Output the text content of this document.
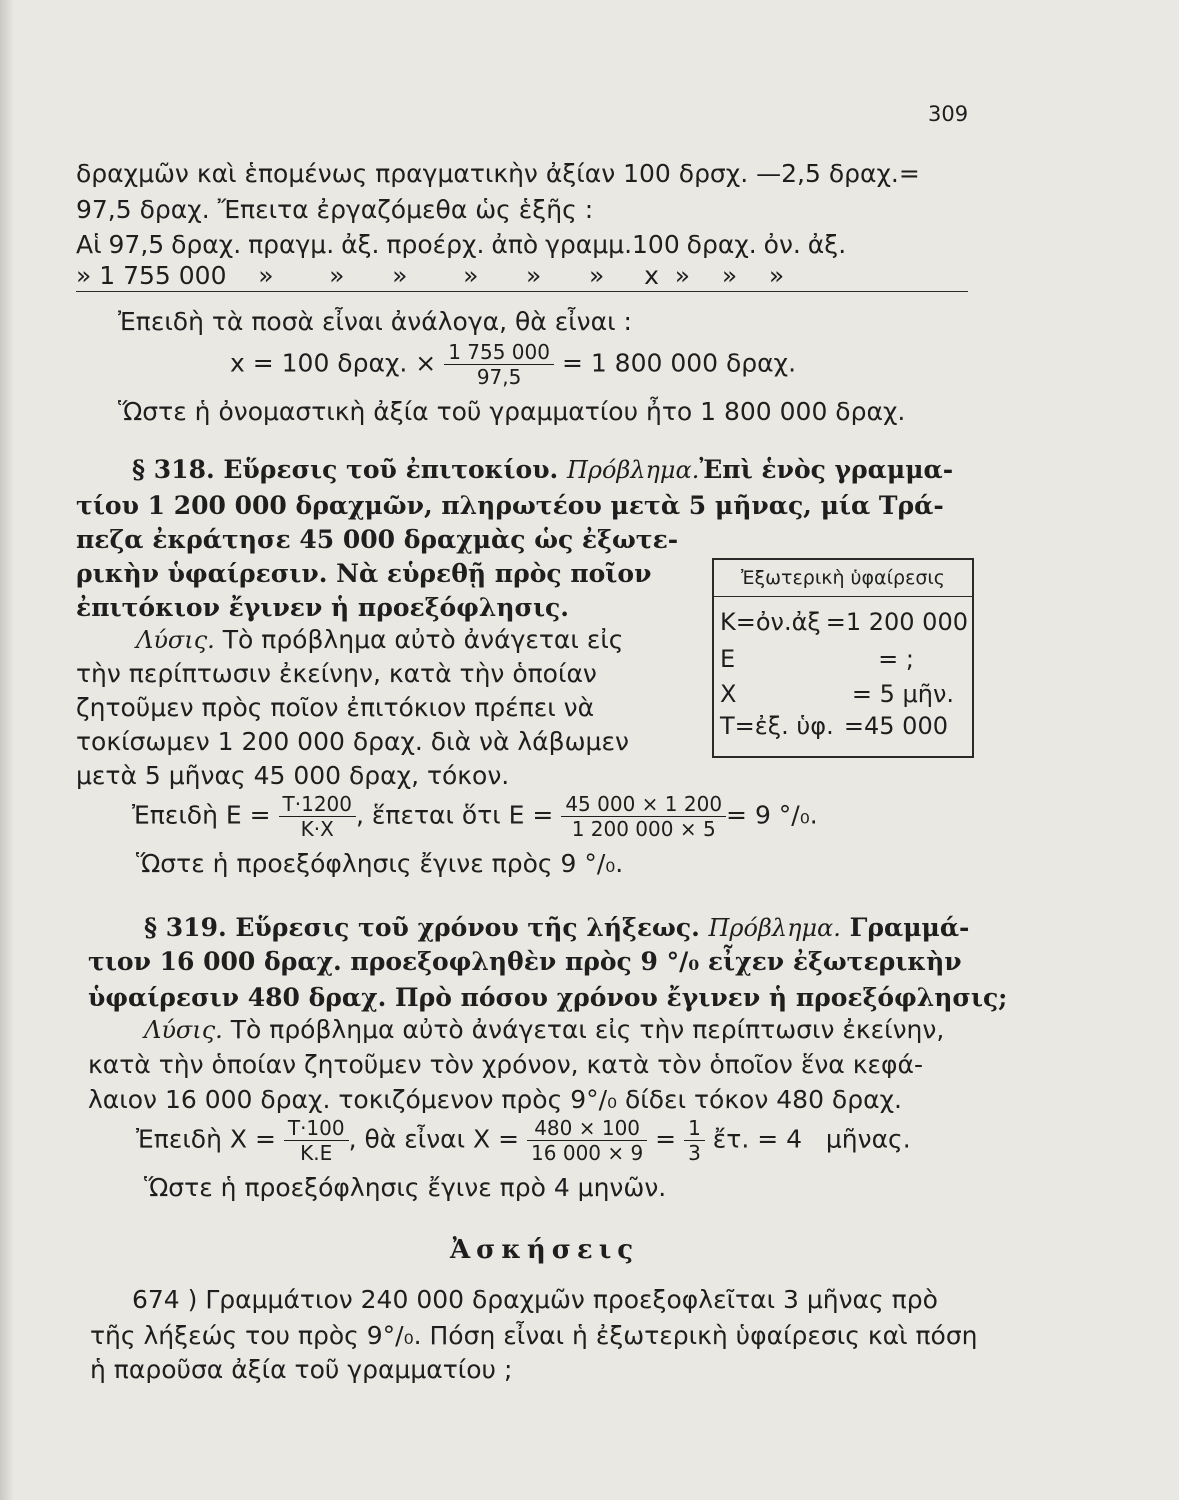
309
δραχμῶν καὶ ἑπομένως πραγματικὴν ἀξίαν 100 δρσχ. —2,5 δραχ.=
97,5 δραχ. Ἔπειτα ἐργαζόμεθα ὡς ἑξῆς :
Αἱ 97,5 δραχ. πραγμ. ἀξ. προέρχ. ἀπὸ γραμμ.100 δραχ. ὀν. ἀξ.
» 1 755 000    »       »      »       »      »      »     x  »    »    »
Ἐπειδὴ τὰ ποσὰ εἶναι ἀνάλογα, θὰ εἶναι :
x = 100 δραχ. × $\frac{1 755 000}{97,5} = 1$ 800 000 δραχ.
Ὥστε ἡ ὀνομαστικὴ ἀξία τοῦ γραμματίου ἦτο 1 800 000 δραχ.
§ 318. Εὕρεσις τοῦ ἐπιτοκίου. Πρόβλημα.Ἐπὶ ἑνὸς γραμμα-
τίου 1 200 000 δραχμῶν, πληρωτέου μετὰ 5 μῆνας, μία Τρά-
πεζα ἐκράτησε 45 000 δραχμὰς ὡς ἐξωτε-
ρικὴν ὑφαίρεσιν. Νὰ εὑρεθῇ πρὸς ποῖον
ἐπιτόκιον ἔγινεν ἡ προεξόφλησις.
Λύσις. Τὸ πρόβλημα αὐτὸ ἀνάγεται εἰς
τὴν περίπτωσιν ἐκείνην, κατὰ τὴν ὁποίαν
ζητοῦμεν πρὸς ποῖον ἐπιτόκιον πρέπει νὰ
τοκίσωμεν 1 200 000 δραχ. διὰ νὰ λάβωμεν
μετὰ 5 μῆνας 45 000 δραχ, τόκον.
Ἐξωτερικὴ ὑφαίρεσις
K=ὀν.ἀξ =1 200 000
E	= ;
X	= 5 μῆν.
T=ἐξ. ὑφ. =45 000
Ἐπειδὴ $E = \frac{T\cdot 1200}{K\cdot X}$ , ἕπεται ὅτι $E = \frac{45 000 \times 1 200}{1 200 000 \times 5} = 9$ °/₀.
Ὥστε ἡ προεξόφλησις ἔγινε πρὸς 9 °/₀.
§ 319. Εὕρεσις τοῦ χρόνου τῆς λήξεως. Πρόβλημα. Γραμμά-
τιον 16 000 δραχ. προεξοφληθὲν πρὸς 9 °/₀ εἶχεν ἐξωτερικὴν
ὑφαίρεσιν 480 δραχ. Πρὸ πόσου χρόνου ἔγινεν ἡ προεξόφλησις;
Λύσις. Τὸ πρόβλημα αὐτὸ ἀνάγεται εἰς τὴν περίπτωσιν ἐκείνην,
κατὰ τὴν ὁποίαν ζητοῦμεν τὸν χρόνον, κατὰ τὸν ὁποῖον ἕνα κεφά-
λαιον 16 000 δραχ. τοκιζόμενον πρὸς 9°/₀ δίδει τόκον 480 δραχ.
Ἐπειδὴ $X = \frac{T\cdot 100}{K.E}$ , θὰ εἶναι $X = \frac{480 \times 100}{16 000 \times 9} = \frac{1}{3}$ ἔτ. = 4   μῆνας.
Ὥστε ἡ προεξόφλησις ἔγινε πρὸ 4 μηνῶν.
Ἀσκήσεις
674 ) Γραμμάτιον 240 000 δραχμῶν προεξοφλεῖται 3 μῆνας πρὸ
τῆς λήξεώς του πρὸς 9°/₀. Πόση εἶναι ἡ ἐξωτερικὴ ὑφαίρεσις καὶ πόση
ἡ παροῦσα ἀξία τοῦ γραμματίου ;
